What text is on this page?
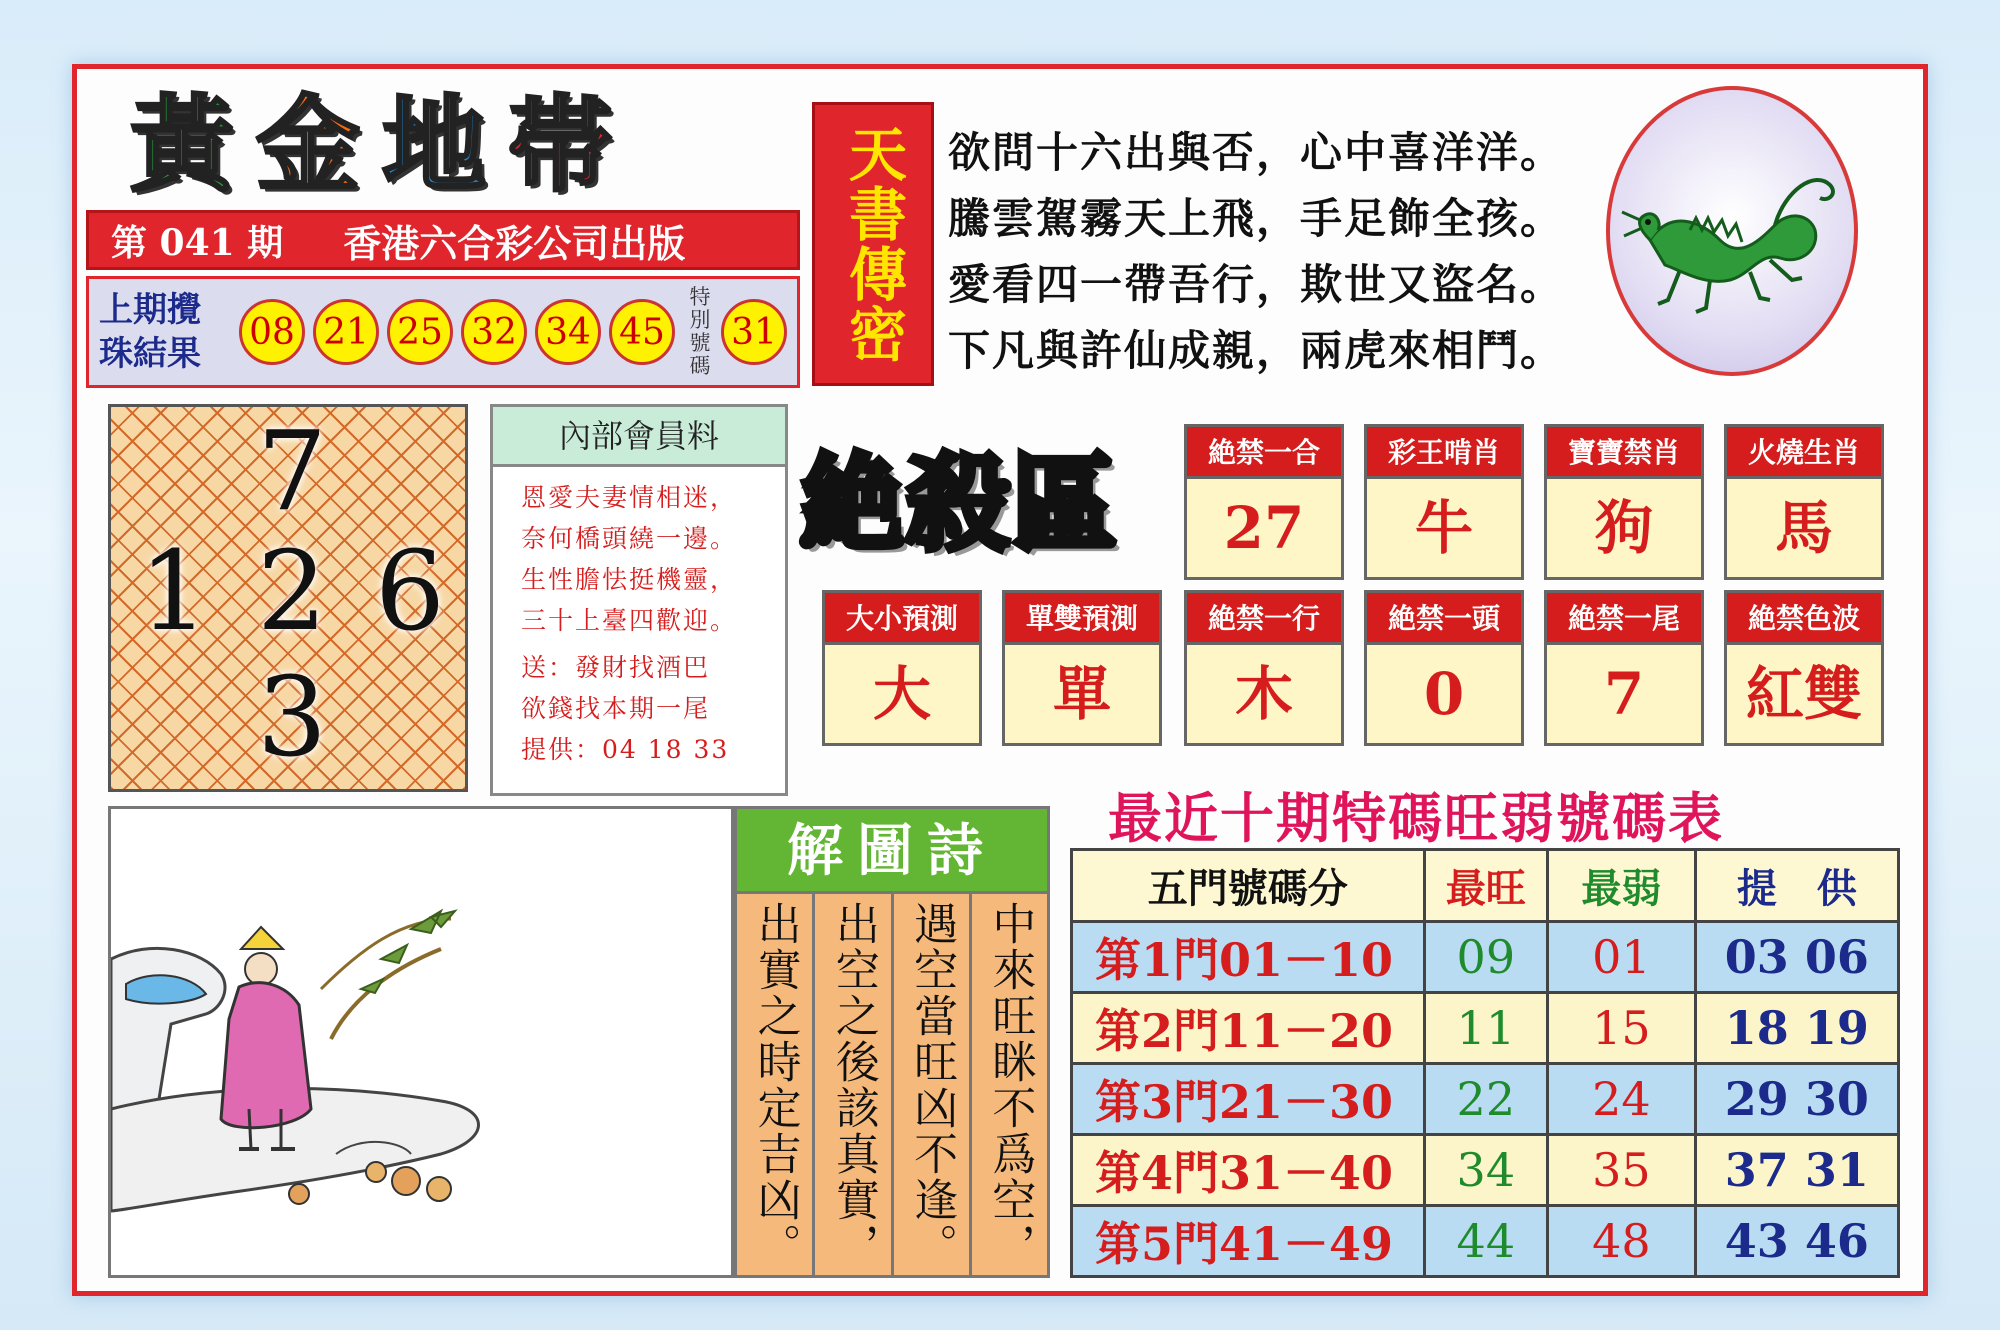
黃 金 地 帯
第 041 期 香港六合彩公司出版
上期攪
珠結果
08 21 25 32 34 45
特別號碼
31	天書傳密 欲問十六出與否，心中喜洋洋。
騰雲駕霧天上飛，手足飾全孩。
愛看四一帶吾行，欺世又盜名。
下凡與許仙成親，兩虎來相鬥。
7
1 2 6
3
內部會員料
恩愛夫妻情相迷，
奈何橋頭繞一邊。
生性膽怯挺機靈，
三十上臺四歡迎。
送：發財找酒巴
欲錢找本期一尾
提供：04 18 33
絶殺區	絶禁一合
27
彩王啃肖
牛
寶寶禁肖
狗
火燒生肖
馬
大小預測
大
單雙預測
單
絶禁一行
木
絶禁一頭
0
絶禁一尾
7
絶禁色波
紅雙
解圖詩
中來旺眯不爲空，
遇空當旺凶不逢。
出空之後該真實，
出實之時定吉凶。
最近十期特碼旺弱號碼表
五門號碼分	最旺	最弱	提　供
第1門01－10	09	01	03 06
第2門11－20	11	15	18 19
第3門21－30	22	24	29 30
第4門31－40	34	35	37 31
第5門41－49	44	48	43 46
